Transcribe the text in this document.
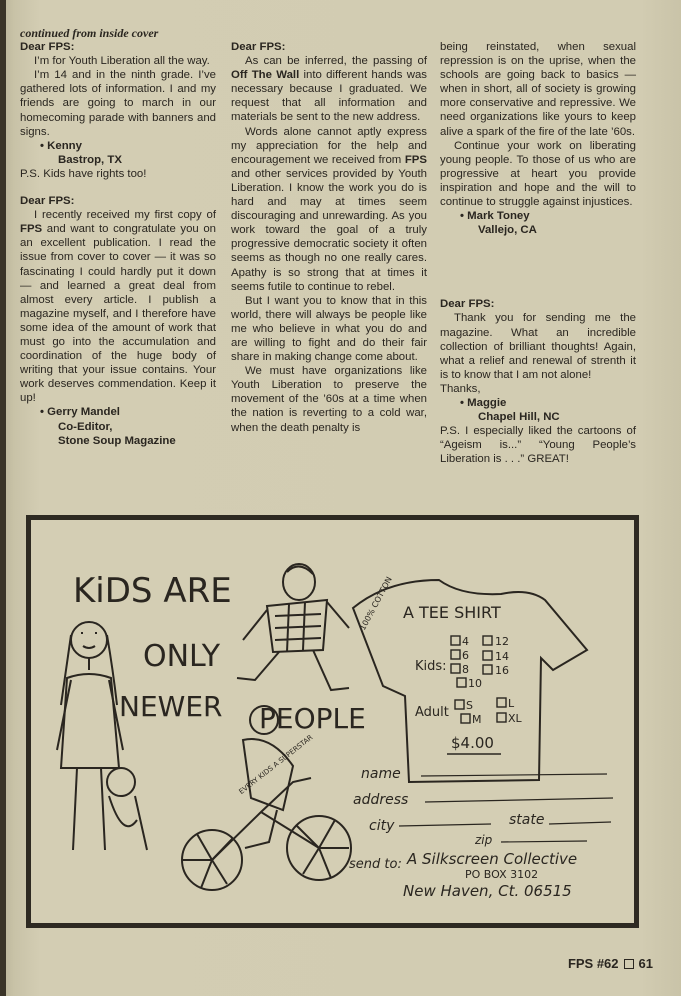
continued from inside cover

Dear FPS:

I’m for Youth Liberation all the way.

I’m 14 and in the ninth grade. I’ve gathered lots of information. I and my friends are going to march in our homecoming parade with banners and signs.

• Kenny

Bastrop, TX

P.S. Kids have rights too!

Dear FPS:

I recently received my first copy of FPS and want to congratulate you on an excellent publication. I read the issue from cover to cover — it was so fascinating I could hardly put it down — and learned a great deal from almost every article. I publish a magazine myself, and I therefore have some idea of the amount of work that must go into the accumulation and coordination of the huge body of writing that your issue contains. Your work deserves commendation. Keep it up!

• Gerry Mandel

Co-Editor,

Stone Soup Magazine

Dear FPS:

As can be inferred, the passing of Off The Wall into different hands was necessary because I graduated. We request that all information and materials be sent to the new address.

Words alone cannot aptly express my appreciation for the help and encouragement we received from FPS and other services provided by Youth Liberation. I know the work you do is hard and may at times seem discouraging and unrewarding. As you work toward the goal of a truly progressive democratic society it often seems as though no one really cares. Apathy is so strong that at times it seems futile to continue to rebel.

But I want you to know that in this world, there will always be people like me who believe in what you do and are willing to fight and do their fair share in making change come about.

We must have organizations like Youth Liberation to preserve the movement of the ’60s at a time when the nation is reverting to a cold war, when the death penalty is

being reinstated, when sexual repression is on the uprise, when the schools are going back to basics — when in short, all of society is growing more conservative and repressive. We need organizations like yours to keep alive a spark of the fire of the late ’60s.

Continue your work on liberating young people. To those of us who are progressive at heart you provide inspiration and hope and the will to continue to struggle against injustices.

• Mark Toney

Vallejo, CA

Dear FPS:

Thank you for sending me the magazine. What an incredible collection of brilliant thoughts! Again, what a relief and renewal of strenth it is to know that I am not alone!

Thanks,

• Maggie

Chapel Hill, NC

P.S. I especially liked the cartoons of “Ageism is...” “Young People’s Liberation is . . .” GREAT!

KiDS ARE
ONLY
NEWER PEOPLE
EVERY KIDS A SUPERSTAR
100% COTTON A TEE SHIRT
Kids:
4 12
6 14
8 16
10
Adult S	L
M XL
$4.00
name
address
city	state
zip
send to: A Silkscreen Collective
PO BOX 3102
New Haven, Ct. 06515
FPS #62 61
